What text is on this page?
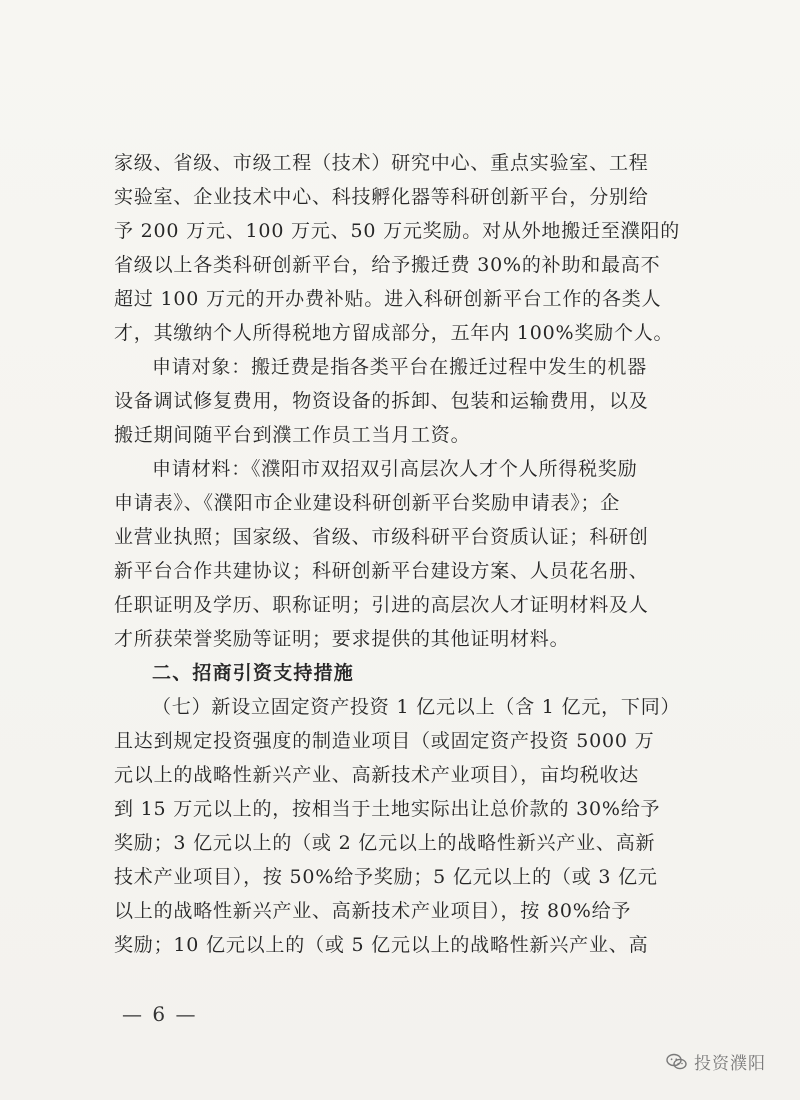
家级、省级、市级工程（技术）研究中心、重点实验室、工程
实验室、企业技术中心、科技孵化器等科研创新平台，分别给
予 200 万元、100 万元、50 万元奖励。对从外地搬迁至濮阳的
省级以上各类科研创新平台，给予搬迁费 30%的补助和最高不
超过 100 万元的开办费补贴。进入科研创新平台工作的各类人
才，其缴纳个人所得税地方留成部分，五年内 100%奖励个人。
申请对象：搬迁费是指各类平台在搬迁过程中发生的机器
设备调试修复费用，物资设备的拆卸、包装和运输费用，以及
搬迁期间随平台到濮工作员工当月工资。
申请材料：《濮阳市双招双引高层次人才个人所得税奖励
申请表》、《濮阳市企业建设科研创新平台奖励申请表》；企
业营业执照；国家级、省级、市级科研平台资质认证；科研创
新平台合作共建协议；科研创新平台建设方案、人员花名册、
任职证明及学历、职称证明；引进的高层次人才证明材料及人
才所获荣誉奖励等证明；要求提供的其他证明材料。
二、招商引资支持措施
（七）新设立固定资产投资 1 亿元以上（含 1 亿元，下同）
且达到规定投资强度的制造业项目（或固定资产投资 5000 万
元以上的战略性新兴产业、高新技术产业项目），亩均税收达
到 15 万元以上的，按相当于土地实际出让总价款的 30%给予
奖励；3 亿元以上的（或 2 亿元以上的战略性新兴产业、高新
技术产业项目），按 50%给予奖励；5 亿元以上的（或 3 亿元
以上的战略性新兴产业、高新技术产业项目），按 80%给予
奖励；10 亿元以上的（或 5 亿元以上的战略性新兴产业、高
— 6 —
投资濮阳
